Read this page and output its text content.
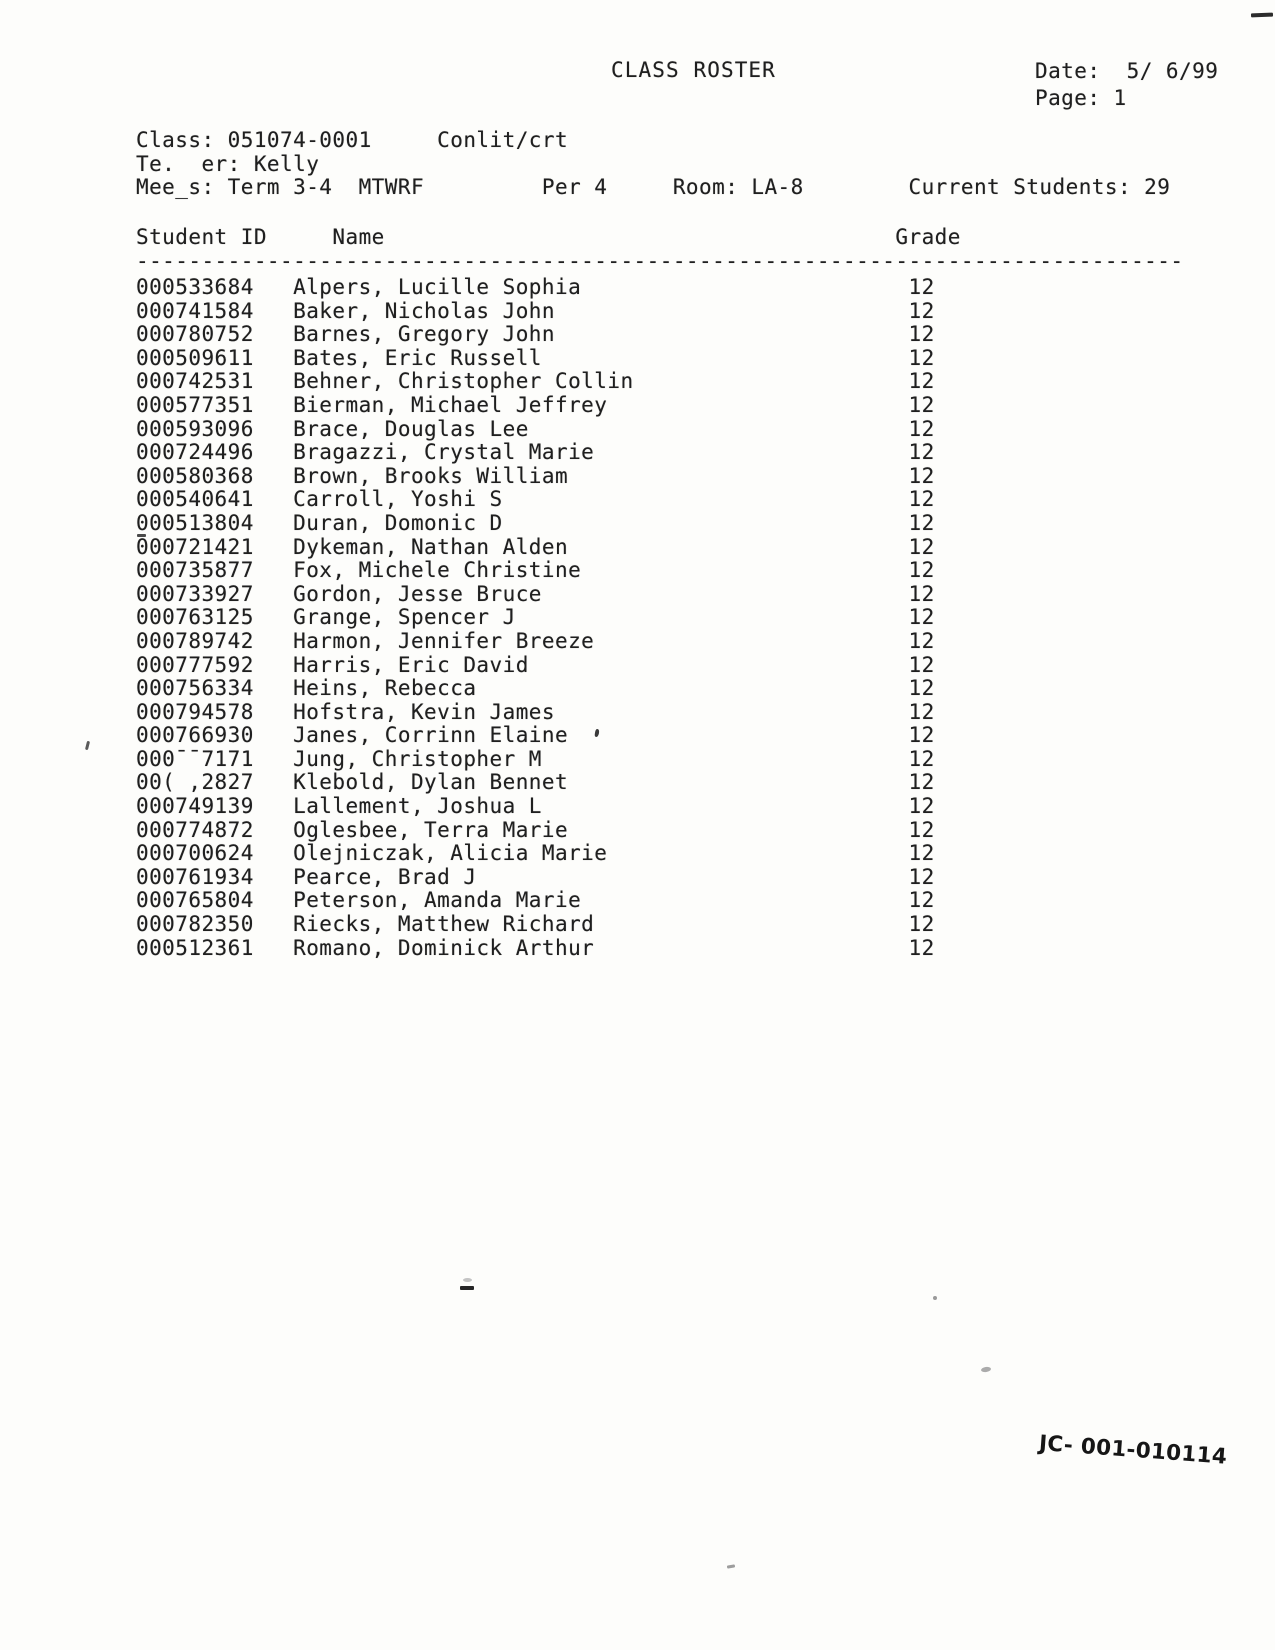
CLASS ROSTER	Date:  5/ 6/99
Page: 1
Class: 051074-0001     Conlit/crt
Te.  er: Kelly
Mee_s: Term 3-4  MTWRF         Per 4     Room: LA-8        Current Students: 29
Student ID     Name                                       Grade
--------------------------------------------------------------------------------
000533684   Alpers, Lucille Sophia                         12
000741584   Baker, Nicholas John                           12
000780752   Barnes, Gregory John                           12
000509611   Bates, Eric Russell                            12
000742531   Behner, Christopher Collin                     12
000577351   Bierman, Michael Jeffrey                       12
000593096   Brace, Douglas Lee                             12
000724496   Bragazzi, Crystal Marie                        12
000580368   Brown, Brooks William                          12
000540641   Carroll, Yoshi S                               12
000513804   Duran, Domonic D                               12
000721421   Dykeman, Nathan Alden                          12
000735877   Fox, Michele Christine                         12
000733927   Gordon, Jesse Bruce                            12
000763125   Grange, Spencer J                              12
000789742   Harmon, Jennifer Breeze                        12
000777592   Harris, Eric David                             12
000756334   Heins, Rebecca                                 12
000794578   Hofstra, Kevin James                           12
000766930   Janes, Corrinn Elaine                          12
000¯¯7171   Jung, Christopher M                            12
00( ,2827   Klebold, Dylan Bennet                          12
000749139   Lallement, Joshua L                            12
000774872   Oglesbee, Terra Marie                          12
000700624   Olejniczak, Alicia Marie                       12
000761934   Pearce, Brad J                                 12
000765804   Peterson, Amanda Marie                         12
000782350   Riecks, Matthew Richard                        12
000512361   Romano, Dominick Arthur                        12
JC- 001-010114
